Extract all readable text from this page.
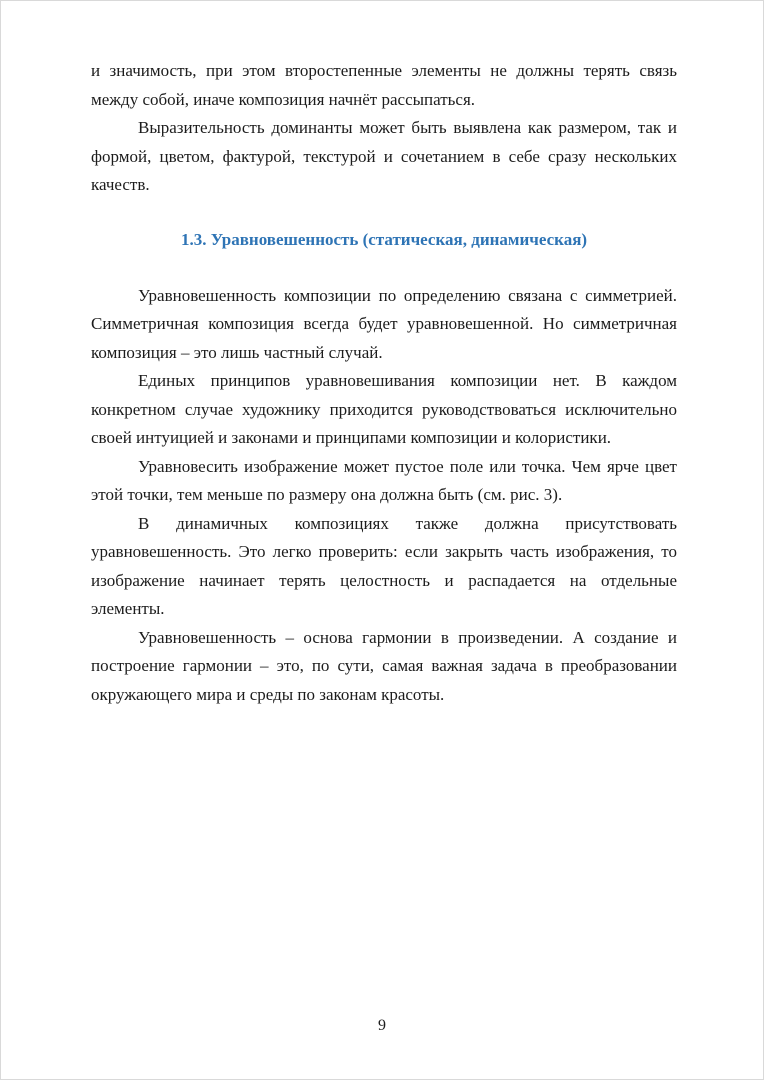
и значимость, при этом второстепенные элементы не должны терять связь между собой, иначе композиция начнёт рассыпаться.

Выразительность доминанты может быть выявлена как размером, так и формой, цветом, фактурой, текстурой и сочетанием в себе сразу нескольких качеств.

1.3. Уравновешенность (статическая, динамическая)

Уравновешенность композиции по определению связана с симметрией. Симметричная композиция всегда будет уравновешенной. Но симметричная композиция – это лишь частный случай.

Единых принципов уравновешивания композиции нет. В каждом конкретном случае художнику приходится руководствоваться исключительно своей интуицией и законами и принципами композиции и колористики.

Уравновесить изображение может пустое поле или точка. Чем ярче цвет этой точки, тем меньше по размеру она должна быть (см. рис. 3).

В динамичных композициях также должна присутствовать уравновешенность. Это легко проверить: если закрыть часть изображения, то изображение начинает терять целостность и распадается на отдельные элементы.

Уравновешенность – основа гармонии в произведении. А создание и построение гармонии – это, по сути, самая важная задача в преобразовании окружающего мира и среды по законам красоты.

9
